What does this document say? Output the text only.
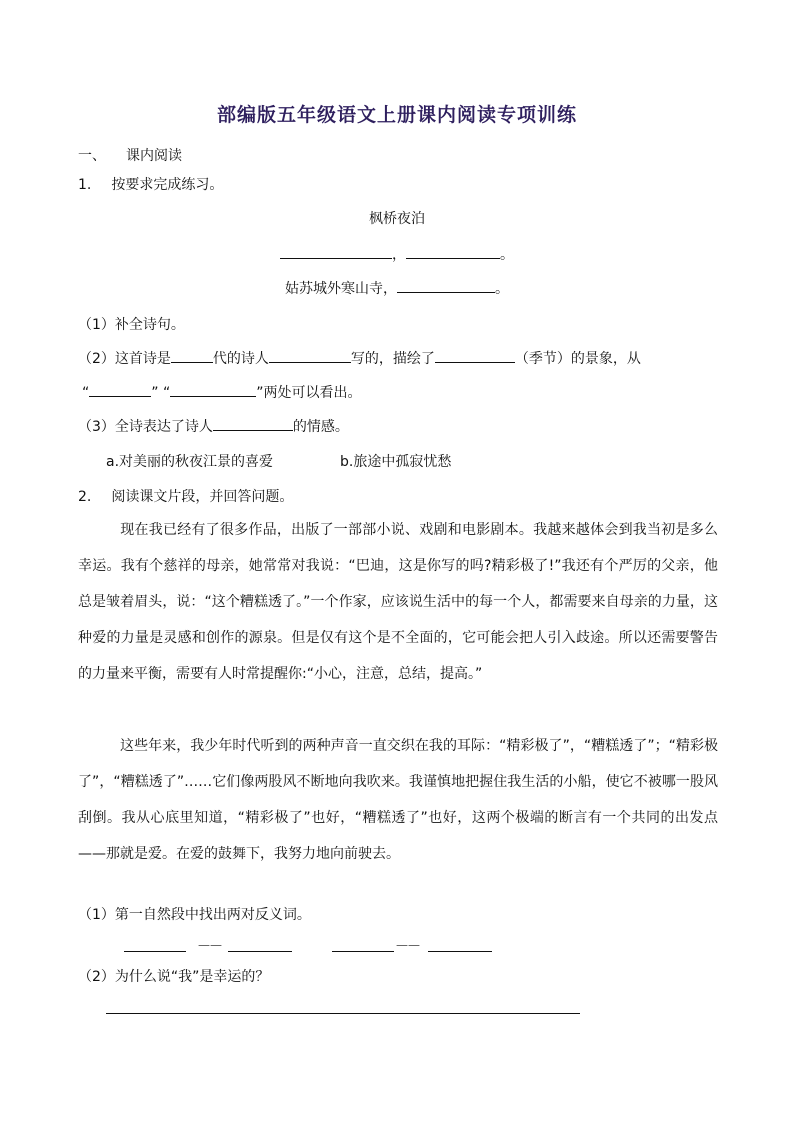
部编版五年级语文上册课内阅读专项训练
一、 课内阅读
1. 按要求完成练习。
枫桥夜泊
，	。
姑苏城外寒山寺，	。
（1）补全诗句。
（2）这首诗是	代的诗人	写的，描绘了	（季节）的景象，从
“	” “	”两处可以看出。
（3）全诗表达了诗人	的情感。
a.对美丽的秋夜江景的喜爱	b.旅途中孤寂忧愁
2. 阅读课文片段，并回答问题。
现在我已经有了很多作品，出版了一部部小说、戏剧和电影剧本。我越来越体会到我当初是多么幸运。我有个慈祥的母亲，她常常对我说：“巴迪，这是你写的吗?精彩极了!”我还有个严厉的父亲，他总是皱着眉头，说：“这个糟糕透了。”一个作家，应该说生活中的每一个人，都需要来自母亲的力量，这种爱的力量是灵感和创作的源泉。但是仅有这个是不全面的，它可能会把人引入歧途。所以还需要警告的力量来平衡，需要有人时常提醒你:“小心，注意，总结，提高。”
这些年来，我少年时代听到的两种声音一直交织在我的耳际：“精彩极了”，“糟糕透了”；“精彩极了”，“糟糕透了”……它们像两股风不断地向我吹来。我谨慎地把握住我生活的小船，使它不被哪一股风刮倒。我从心底里知道，“精彩极了”也好，“糟糕透了”也好，这两个极端的断言有一个共同的出发点——那就是爱。在爱的鼓舞下，我努力地向前驶去。
（1）第一自然段中找出两对反义词。
——	——
（2）为什么说“我”是幸运的？
